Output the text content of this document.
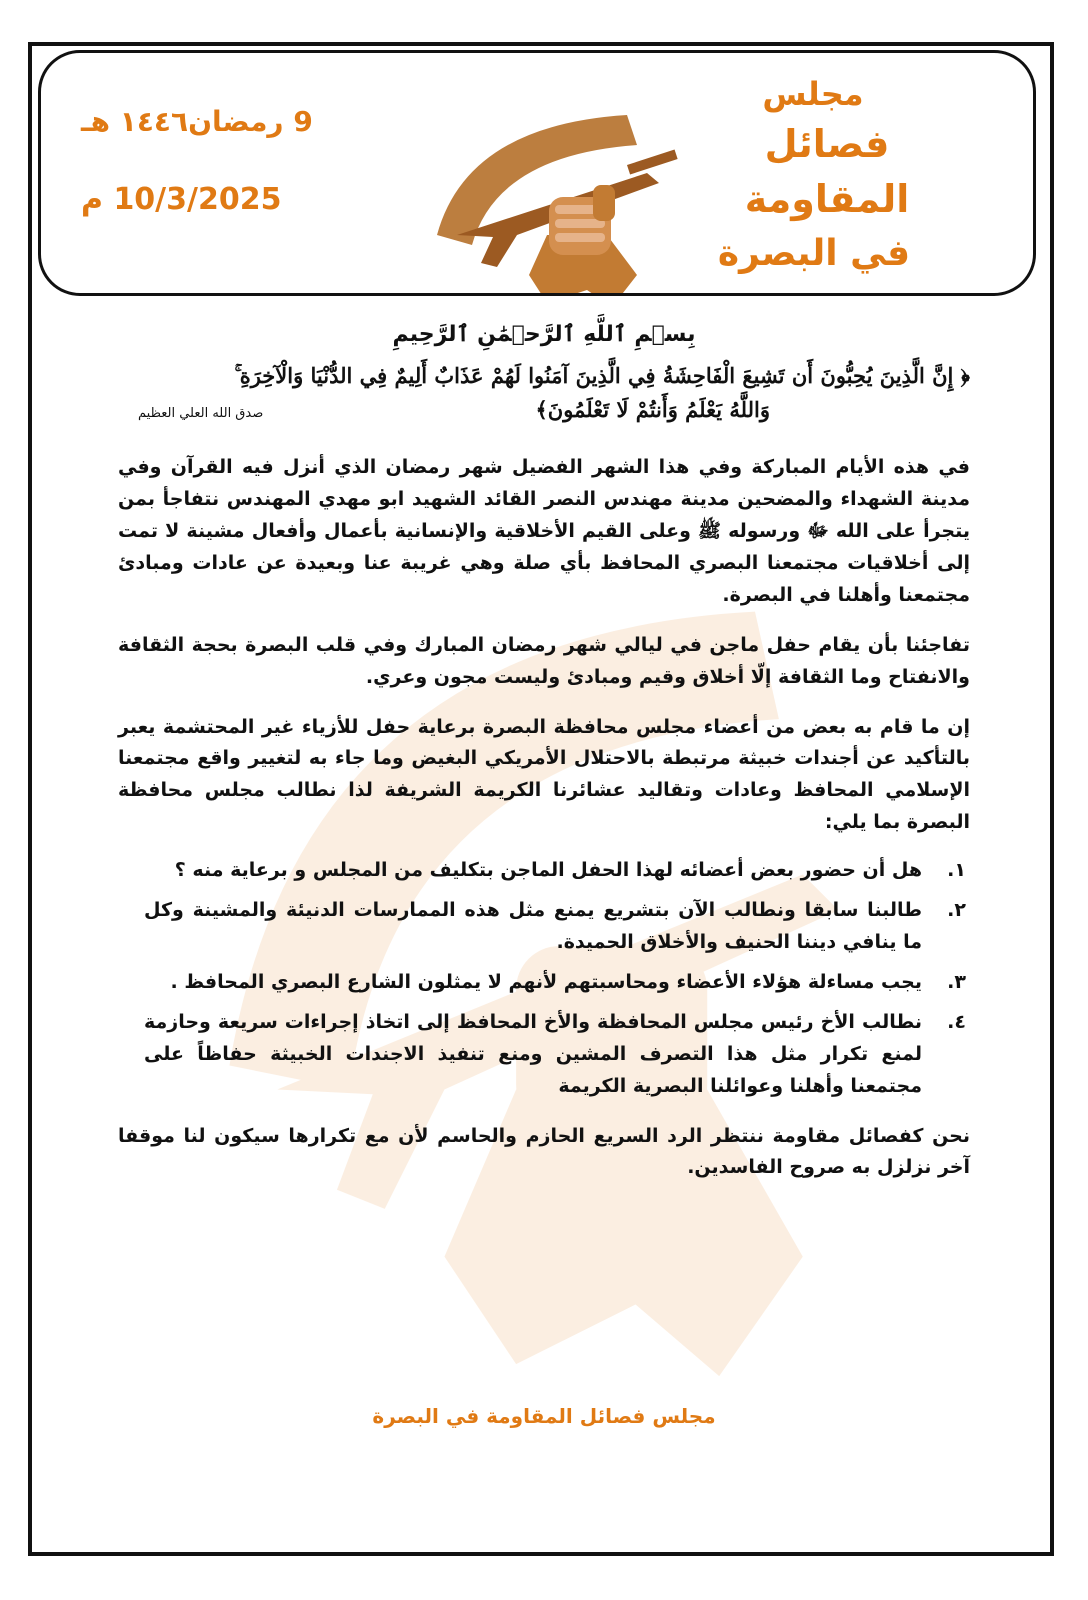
مجلس
فصائل المقاومة
في البصرة
9 رمضان١٤٤٦ هـ
10/3/2025 م
بِسۡمِ ٱللَّهِ ٱلرَّحۡمَٰنِ ٱلرَّحِيمِ
﴿ إِنَّ الَّذِينَ يُحِبُّونَ أَن تَشِيعَ الْفَاحِشَةُ فِي الَّذِينَ آمَنُوا لَهُمْ عَذَابٌ أَلِيمٌ فِي الدُّنْيَا وَالْآخِرَةِ ۚ
وَاللَّهُ يَعْلَمُ وَأَنتُمْ لَا تَعْلَمُونَ﴾
صدق الله العلي العظيم

في هذه الأيام المباركة وفي هذا الشهر الفضيل شهر رمضان الذي أنزل فيه القرآن وفي مدينة الشهداء والمضحين مدينة مهندس النصر القائد الشهيد ابو مهدي المهندس نتفاجأ بمن يتجرأ على الله ﷻ ورسوله ﷺ وعلى القيم الأخلاقية والإنسانية بأعمال وأفعال مشينة لا تمت إلى أخلاقيات مجتمعنا البصري المحافظ بأي صلة وهي غريبة عنا وبعيدة عن عادات ومبادئ مجتمعنا وأهلنا في البصرة.

تفاجئنا بأن يقام حفل ماجن في ليالي شهر رمضان المبارك وفي قلب البصرة بحجة الثقافة والانفتاح وما الثقافة إلّا أخلاق وقيم ومبادئ وليست مجون وعري.

إن ما قام به بعض من أعضاء مجلس محافظة البصرة برعاية حفل للأزياء غير المحتشمة يعبر بالتأكيد عن أجندات خبيثة مرتبطة بالاحتلال الأمريكي البغيض وما جاء به لتغيير واقع مجتمعنا الإسلامي المحافظ وعادات وتقاليد عشائرنا الكريمة الشريفة لذا نطالب مجلس محافظة البصرة بما يلي:

١.
هل أن حضور بعض أعضائه لهذا الحفل الماجن بتكليف من المجلس و برعاية منه ؟
٢.
طالبنا سابقا ونطالب الآن بتشريع يمنع مثل هذه الممارسات الدنيئة والمشينة وكل ما ينافي ديننا الحنيف والأخلاق الحميدة.
٣.
يجب مساءلة هؤلاء الأعضاء ومحاسبتهم لأنهم لا يمثلون الشارع البصري المحافظ .
٤.
نطالب الأخ رئيس مجلس المحافظة والأخ المحافظ إلى اتخاذ إجراءات سريعة وحازمة لمنع تكرار مثل هذا التصرف المشين ومنع تنفيذ الاجندات الخبيثة حفاظاً على مجتمعنا وأهلنا وعوائلنا البصرية الكريمة

نحن كفصائل مقاومة ننتظر الرد السريع الحازم والحاسم لأن مع تكرارها سيكون لنا موقفا آخر نزلزل به صروح الفاسدين.

مجلس فصائل المقاومة في البصرة
